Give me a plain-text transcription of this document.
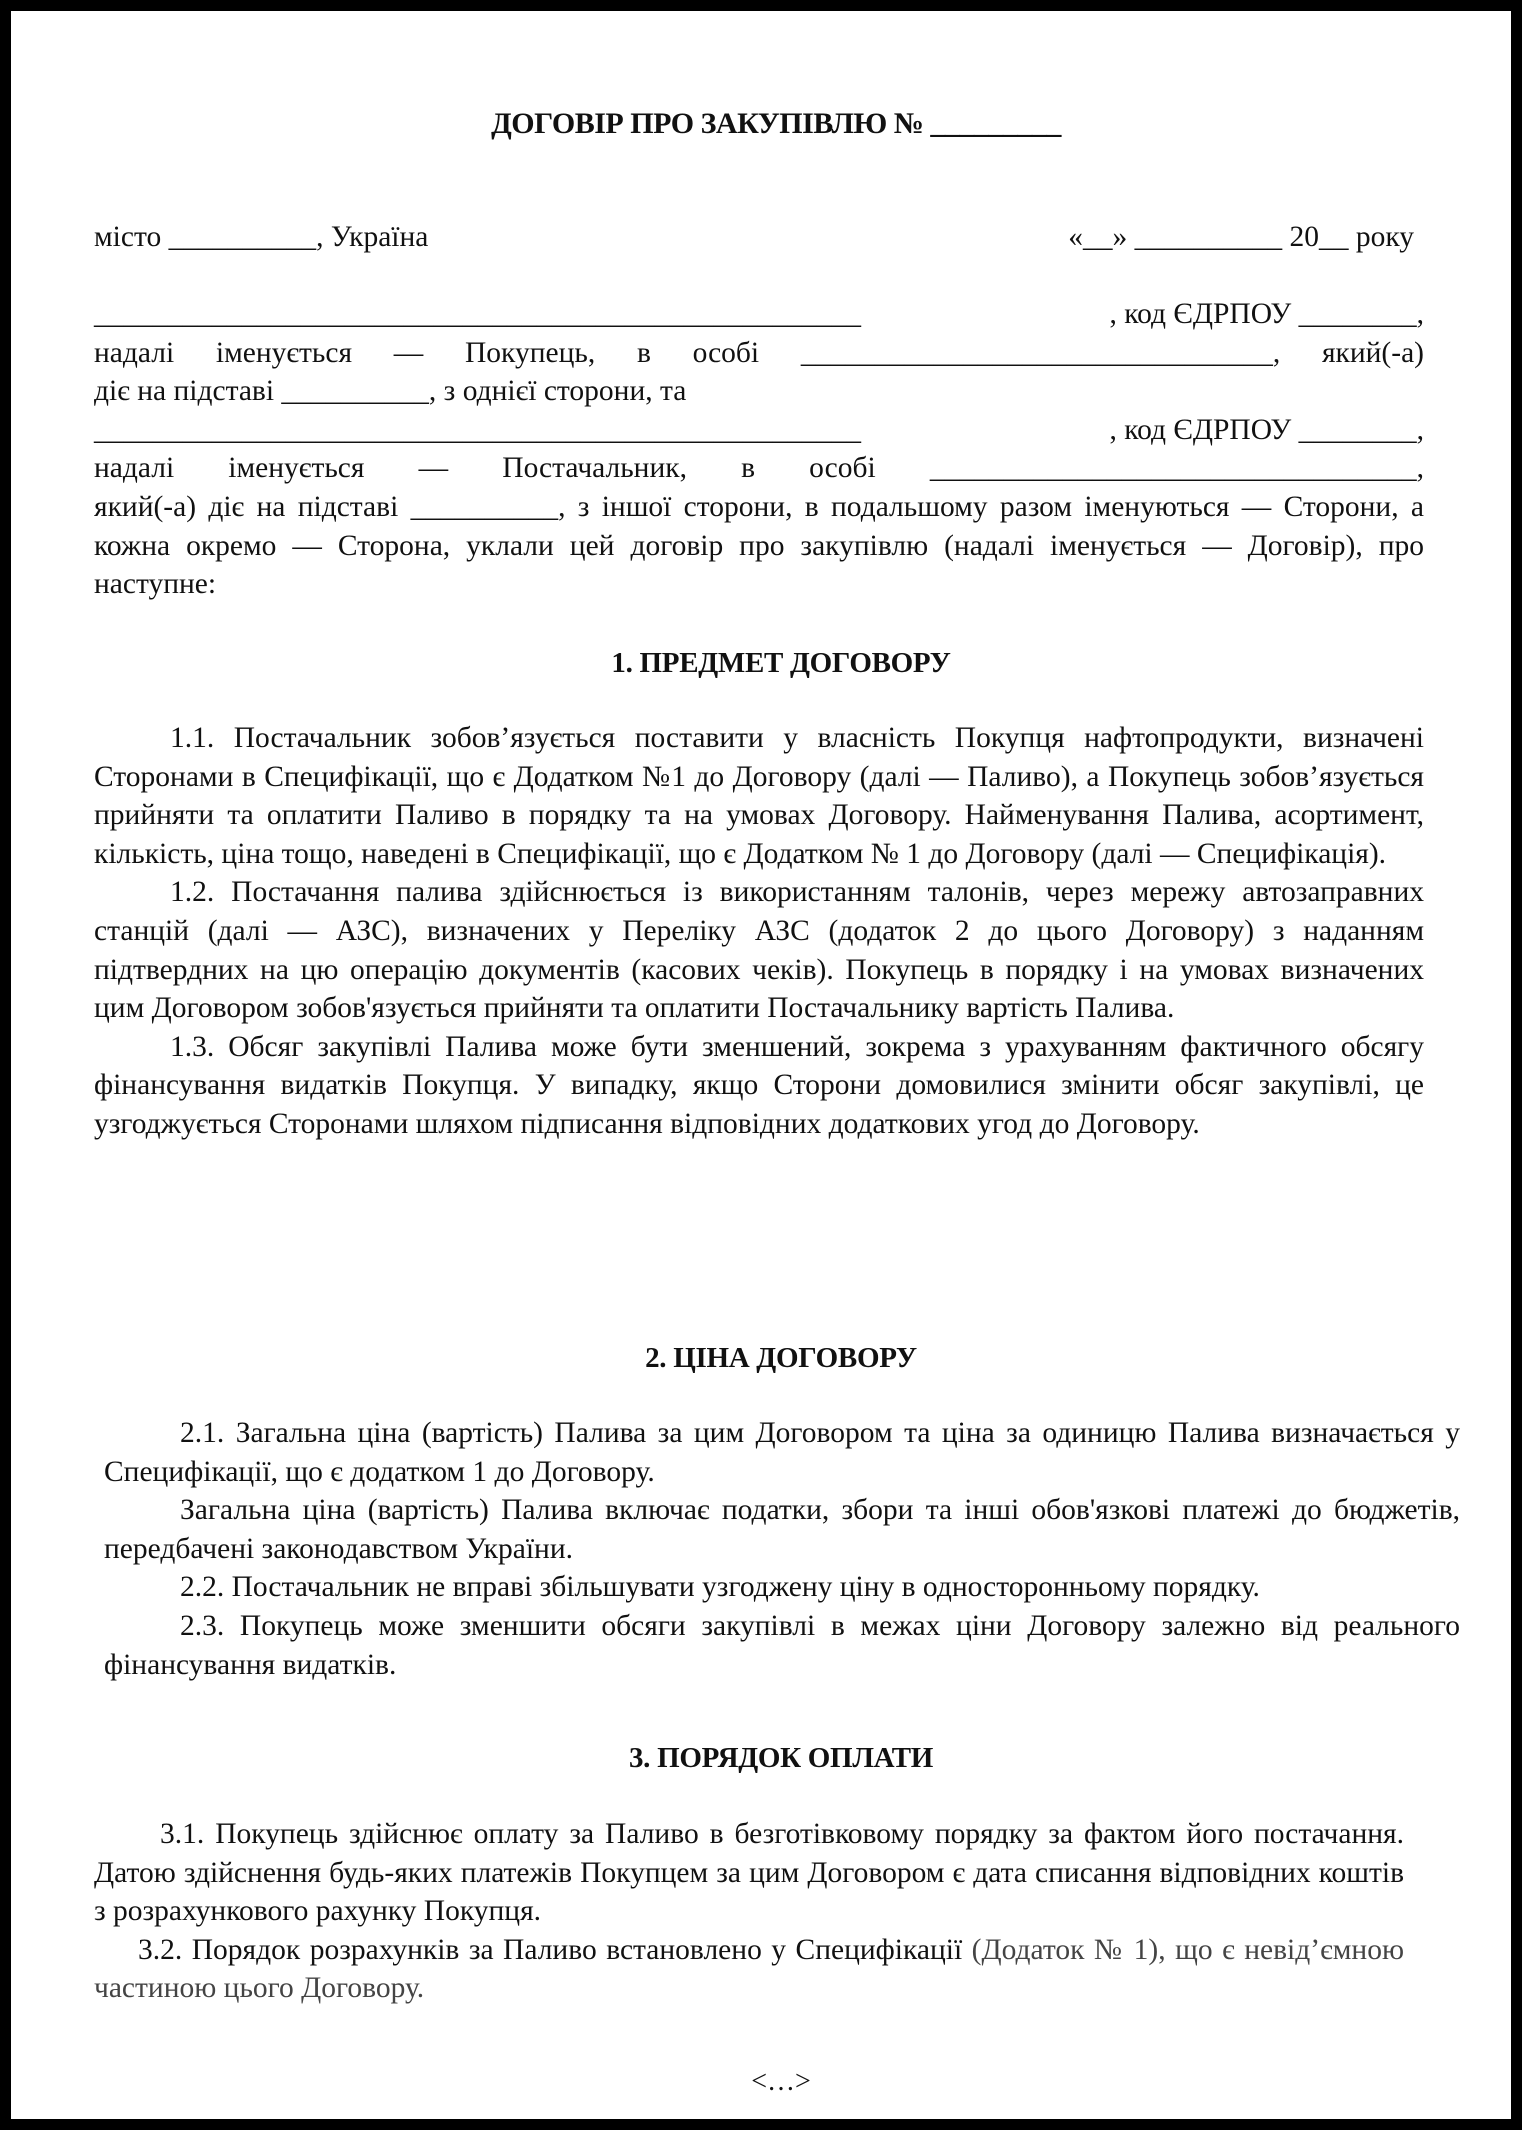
ДОГОВІР ПРО ЗАКУПІВЛЮ № _________
місто __________, Україна	«__» __________ 20__ року
____________________________________________________	, код ЄДРПОУ ________,

надалі іменується — Покупець, в особі ________________________________, який(-а)

діє на підставі __________, з однієї сторони, та

____________________________________________________	, код ЄДРПОУ ________,

надалі іменується — Постачальник, в особі _________________________________,

який(-а) діє на підставі __________, з іншої сторони, в подальшому разом іменуються — Сторони, а кожна окремо — Сторона, уклали цей договір про закупівлю (надалі іменується — Договір), про наступне:

1. ПРЕДМЕТ ДОГОВОРУ

1.1. Постачальник зобов’язується поставити у власність Покупця нафтопродукти, визначені Сторонами в Специфікації, що є Додатком №1 до Договору (далі — Паливо), а Покупець зобов’язується прийняти та оплатити Паливо в порядку та на умовах Договору. Найменування Палива, асортимент, кількість, ціна тощо, наведені в Специфікації, що є Додатком № 1 до Договору (далі — Специфікація).

1.2. Постачання палива здійснюється із використанням талонів, через мережу автозаправних станцій (далі — АЗС), визначених у Переліку АЗС (додаток 2 до цього Договору) з наданням підтвердних на цю операцію документів (касових чеків). Покупець в порядку і на умовах визначених цим Договором зобов'язується прийняти та оплатити Постачальнику вартість Палива.

1.3. Обсяг закупівлі Палива може бути зменшений, зокрема з урахуванням фактичного обсягу фінансування видатків Покупця. У випадку, якщо Сторони домовилися змінити обсяг закупівлі, це узгоджується Сторонами шляхом підписання відповідних додаткових угод до Договору.

2. ЦІНА ДОГОВОРУ

2.1. Загальна ціна (вартість) Палива за цим Договором та ціна за одиницю Палива визначається у Специфікації, що є додатком 1 до Договору.

Загальна ціна (вартість) Палива включає податки, збори та інші обов'язкові платежі до бюджетів, передбачені законодавством України.

2.2. Постачальник не вправі збільшувати узгоджену ціну в односторонньому порядку.

2.3. Покупець може зменшити обсяги закупівлі в межах ціни Договору залежно від реального фінансування видатків.

3. ПОРЯДОК ОПЛАТИ

3.1. Покупець здійснює оплату за Паливо в безготівковому порядку за фактом його постачання. Датою здійснення будь-яких платежів Покупцем за цим Договором є дата списання відповідних коштів з розрахункового рахунку Покупця.

3.2. Порядок розрахунків за Паливо встановлено у Специфікації (Додаток № 1), що є невід’ємною частиною цього Договору.

<…>
